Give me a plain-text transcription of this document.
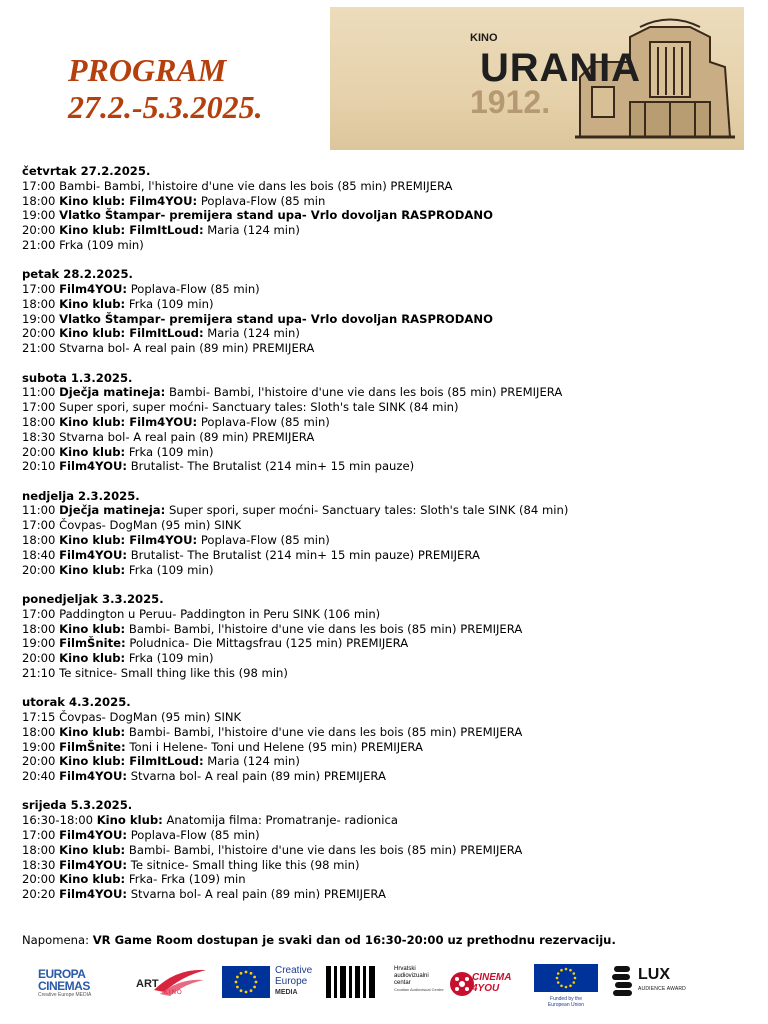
PROGRAM
27.2.-5.3.2025.
KINO
URANIA
1912.
četvrtak 27.2.2025.
17:00 Bambi- Bambi, l'histoire d'une vie dans les bois (85 min) PREMIJERA
18:00 Kino klub: Film4YOU: Poplava-Flow (85 min
19:00 Vlatko Štampar- premijera stand upa- Vrlo dovoljan RASPRODANO
20:00 Kino klub: FilmItLoud: Maria (124 min)
21:00 Frka (109 min)
petak 28.2.2025.
17:00 Film4YOU: Poplava-Flow (85 min)
18:00 Kino klub: Frka (109 min)
19:00 Vlatko Štampar- premijera stand upa- Vrlo dovoljan RASPRODANO
20:00 Kino klub: FilmItLoud: Maria (124 min)
21:00 Stvarna bol- A real pain (89 min) PREMIJERA
subota 1.3.2025.
11:00 Dječja matineja: Bambi- Bambi, l'histoire d'une vie dans les bois (85 min) PREMIJERA
17:00 Super spori, super moćni- Sanctuary tales: Sloth's tale SINK (84 min)
18:00 Kino klub: Film4YOU: Poplava-Flow (85 min)
18:30 Stvarna bol- A real pain (89 min) PREMIJERA
20:00 Kino klub: Frka (109 min)
20:10 Film4YOU: Brutalist- The Brutalist (214 min+ 15 min pauze)
nedjelja 2.3.2025.
11:00 Dječja matineja: Super spori, super moćni- Sanctuary tales: Sloth's tale SINK (84 min)
17:00 Čovpas- DogMan (95 min) SINK
18:00 Kino klub: Film4YOU: Poplava-Flow (85 min)
18:40 Film4YOU: Brutalist- The Brutalist (214 min+ 15 min pauze) PREMIJERA
20:00 Kino klub: Frka (109 min)
ponedjeljak 3.3.2025.
17:00 Paddington u Peruu- Paddington in Peru SINK (106 min)
18:00 Kino klub: Bambi- Bambi, l'histoire d'une vie dans les bois (85 min) PREMIJERA
19:00 FilmŠnite: Poludnica- Die Mittagsfrau (125 min) PREMIJERA
20:00 Kino klub: Frka (109 min)
21:10 Te sitnice- Small thing like this (98 min)
utorak 4.3.2025.
17:15 Čovpas- DogMan (95 min) SINK
18:00 Kino klub: Bambi- Bambi, l'histoire d'une vie dans les bois (85 min) PREMIJERA
19:00 FilmŠnite: Toni i Helene- Toni und Helene (95 min) PREMIJERA
20:00 Kino klub: FilmItLoud: Maria (124 min)
20:40 Film4YOU: Stvarna bol- A real pain (89 min) PREMIJERA
srijeda 5.3.2025.
16:30-18:00 Kino klub: Anatomija filma: Promatranje- radionica
17:00 Film4YOU: Poplava-Flow (85 min)
18:00 Kino klub: Bambi- Bambi, l'histoire d'une vie dans les bois (85 min) PREMIJERA
18:30 Film4YOU: Te sitnice- Small thing like this (98 min)
20:00 Kino klub: Frka- Frka (109) min
20:20 Film4YOU: Stvarna bol- A real pain (89 min) PREMIJERA
Napomena: VR Game Room dostupan je svaki dan od 16:30-20:00 uz prethodnu rezervaciju.
EUROPA
CINEMAS
Creative Europe MEDIA
ART
KINO
Creative
Europe
MEDIA
Hrvatski
audiovizualni
centar
Croatian Audiovisual Centre
CINEMA 4YOU
Funded by the
European Union
LUX
AUDIENCE AWARD
